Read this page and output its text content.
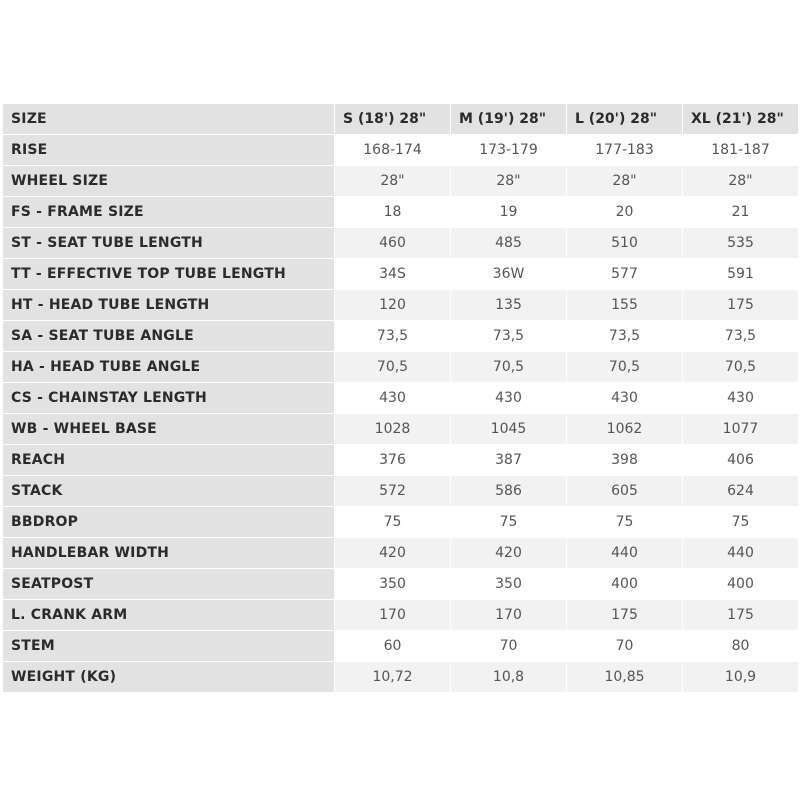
SIZE	S (18') 28"	M (19') 28"	L (20') 28"	XL (21') 28"
RISE	168-174	173-179	177-183	181-187
WHEEL SIZE	28"	28"	28"	28"
FS - FRAME SIZE	18	19	20	21
ST - SEAT TUBE LENGTH	460	485	510	535
TT - EFFECTIVE TOP TUBE LENGTH	34S	36W	577	591
HT - HEAD TUBE LENGTH	120	135	155	175
SA - SEAT TUBE ANGLE	73,5	73,5	73,5	73,5
HA - HEAD TUBE ANGLE	70,5	70,5	70,5	70,5
CS - CHAINSTAY LENGTH	430	430	430	430
WB - WHEEL BASE	1028	1045	1062	1077
REACH	376	387	398	406
STACK	572	586	605	624
BBDROP	75	75	75	75
HANDLEBAR WIDTH	420	420	440	440
SEATPOST	350	350	400	400
L. CRANK ARM	170	170	175	175
STEM	60	70	70	80
WEIGHT (KG)	10,72	10,8	10,85	10,9
